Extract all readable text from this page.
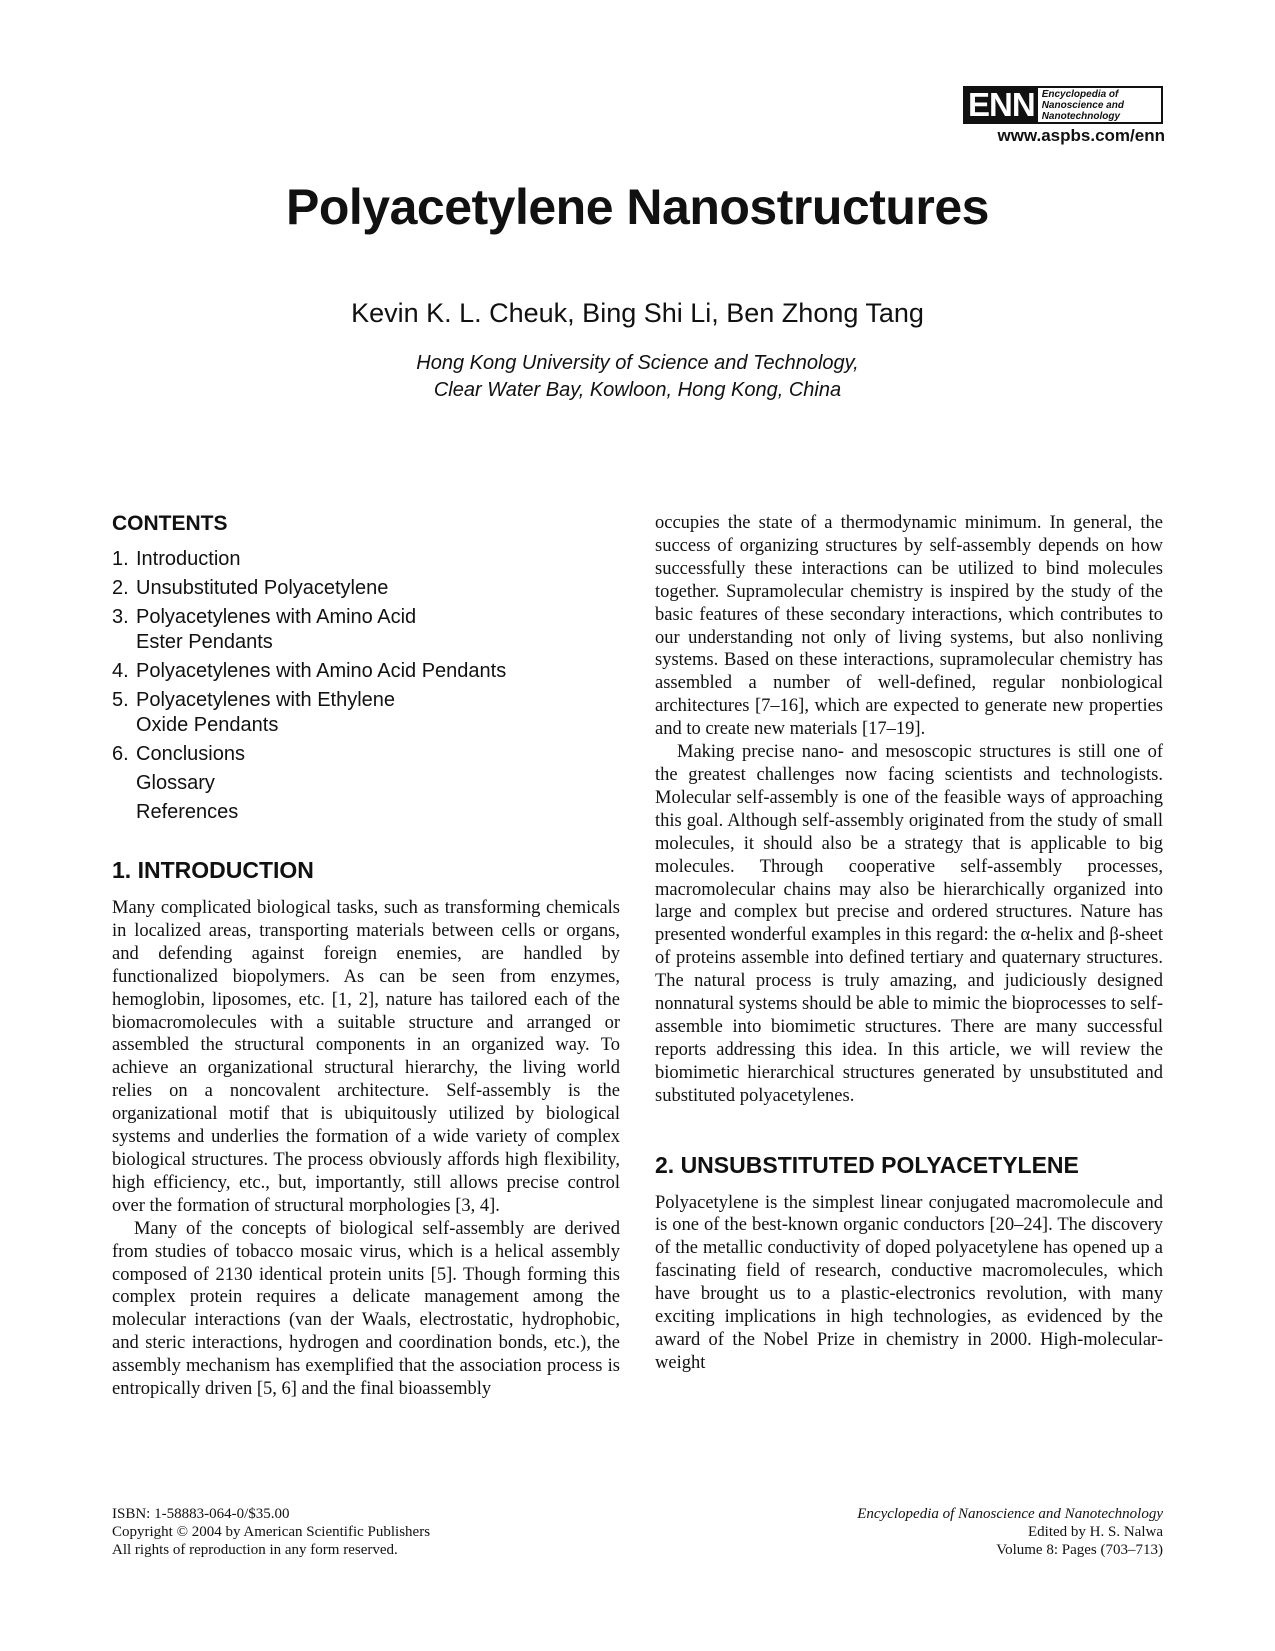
ENN Encyclopedia of
Nanoscience and
Nanotechnology
www.aspbs.com/enn
Polyacetylene Nanostructures
Kevin K. L. Cheuk, Bing Shi Li, Ben Zhong Tang
Hong Kong University of Science and Technology,
Clear Water Bay, Kowloon, Hong Kong, China
CONTENTS
1. Introduction
2. Unsubstituted Polyacetylene
3. Polyacetylenes with Amino Acid Ester Pendants
4. Polyacetylenes with Amino Acid Pendants
5. Polyacetylenes with Ethylene Oxide Pendants
6. Conclusions
Glossary
References
1. INTRODUCTION

Many complicated biological tasks, such as transforming chemicals in localized areas, transporting materials between cells or organs, and defending against foreign enemies, are handled by functionalized biopolymers. As can be seen from enzymes, hemoglobin, liposomes, etc. [1, 2], nature has tailored each of the biomacromolecules with a suitable structure and arranged or assembled the structural components in an organized way. To achieve an organizational structural hierarchy, the living world relies on a noncovalent architecture. Self-assembly is the organizational motif that is ubiquitously utilized by biological systems and underlies the formation of a wide variety of complex biological structures. The process obviously affords high flexibility, high efficiency, etc., but, importantly, still allows precise control over the formation of structural morphologies [3, 4].

Many of the concepts of biological self-assembly are derived from studies of tobacco mosaic virus, which is a helical assembly composed of 2130 identical protein units [5]. Though forming this complex protein requires a delicate management among the molecular interactions (van der Waals, electrostatic, hydrophobic, and steric interactions, hydrogen and coordination bonds, etc.), the assembly mechanism has exemplified that the association process is entropically driven [5, 6] and the final bioassembly

occupies the state of a thermodynamic minimum. In general, the success of organizing structures by self-assembly depends on how successfully these interactions can be utilized to bind molecules together. Supramolecular chemistry is inspired by the study of the basic features of these secondary interactions, which contributes to our understanding not only of living systems, but also nonliving systems. Based on these interactions, supramolecular chemistry has assembled a number of well-defined, regular nonbiological architectures [7–16], which are expected to generate new properties and to create new materials [17–19].

Making precise nano- and mesoscopic structures is still one of the greatest challenges now facing scientists and technologists. Molecular self-assembly is one of the feasible ways of approaching this goal. Although self-assembly originated from the study of small molecules, it should also be a strategy that is applicable to big molecules. Through cooperative self-assembly processes, macromolecular chains may also be hierarchically organized into large and complex but precise and ordered structures. Nature has presented wonderful examples in this regard: the α-helix and β-sheet of proteins assemble into defined tertiary and quaternary structures. The natural process is truly amazing, and judiciously designed nonnatural systems should be able to mimic the bioprocesses to self-assemble into biomimetic structures. There are many successful reports addressing this idea. In this article, we will review the biomimetic hierarchical structures generated by unsubstituted and substituted polyacetylenes.

2. UNSUBSTITUTED POLYACETYLENE

Polyacetylene is the simplest linear conjugated macromolecule and is one of the best-known organic conductors [20–24]. The discovery of the metallic conductivity of doped polyacetylene has opened up a fascinating field of research, conductive macromolecules, which have brought us to a plastic-electronics revolution, with many exciting implications in high technologies, as evidenced by the award of the Nobel Prize in chemistry in 2000. High-molecular-weight

ISBN: 1-58883-064-0/$35.00
Copyright © 2004 by American Scientific Publishers
All rights of reproduction in any form reserved.
Encyclopedia of Nanoscience and Nanotechnology
Edited by H. S. Nalwa
Volume 8: Pages (703–713)
